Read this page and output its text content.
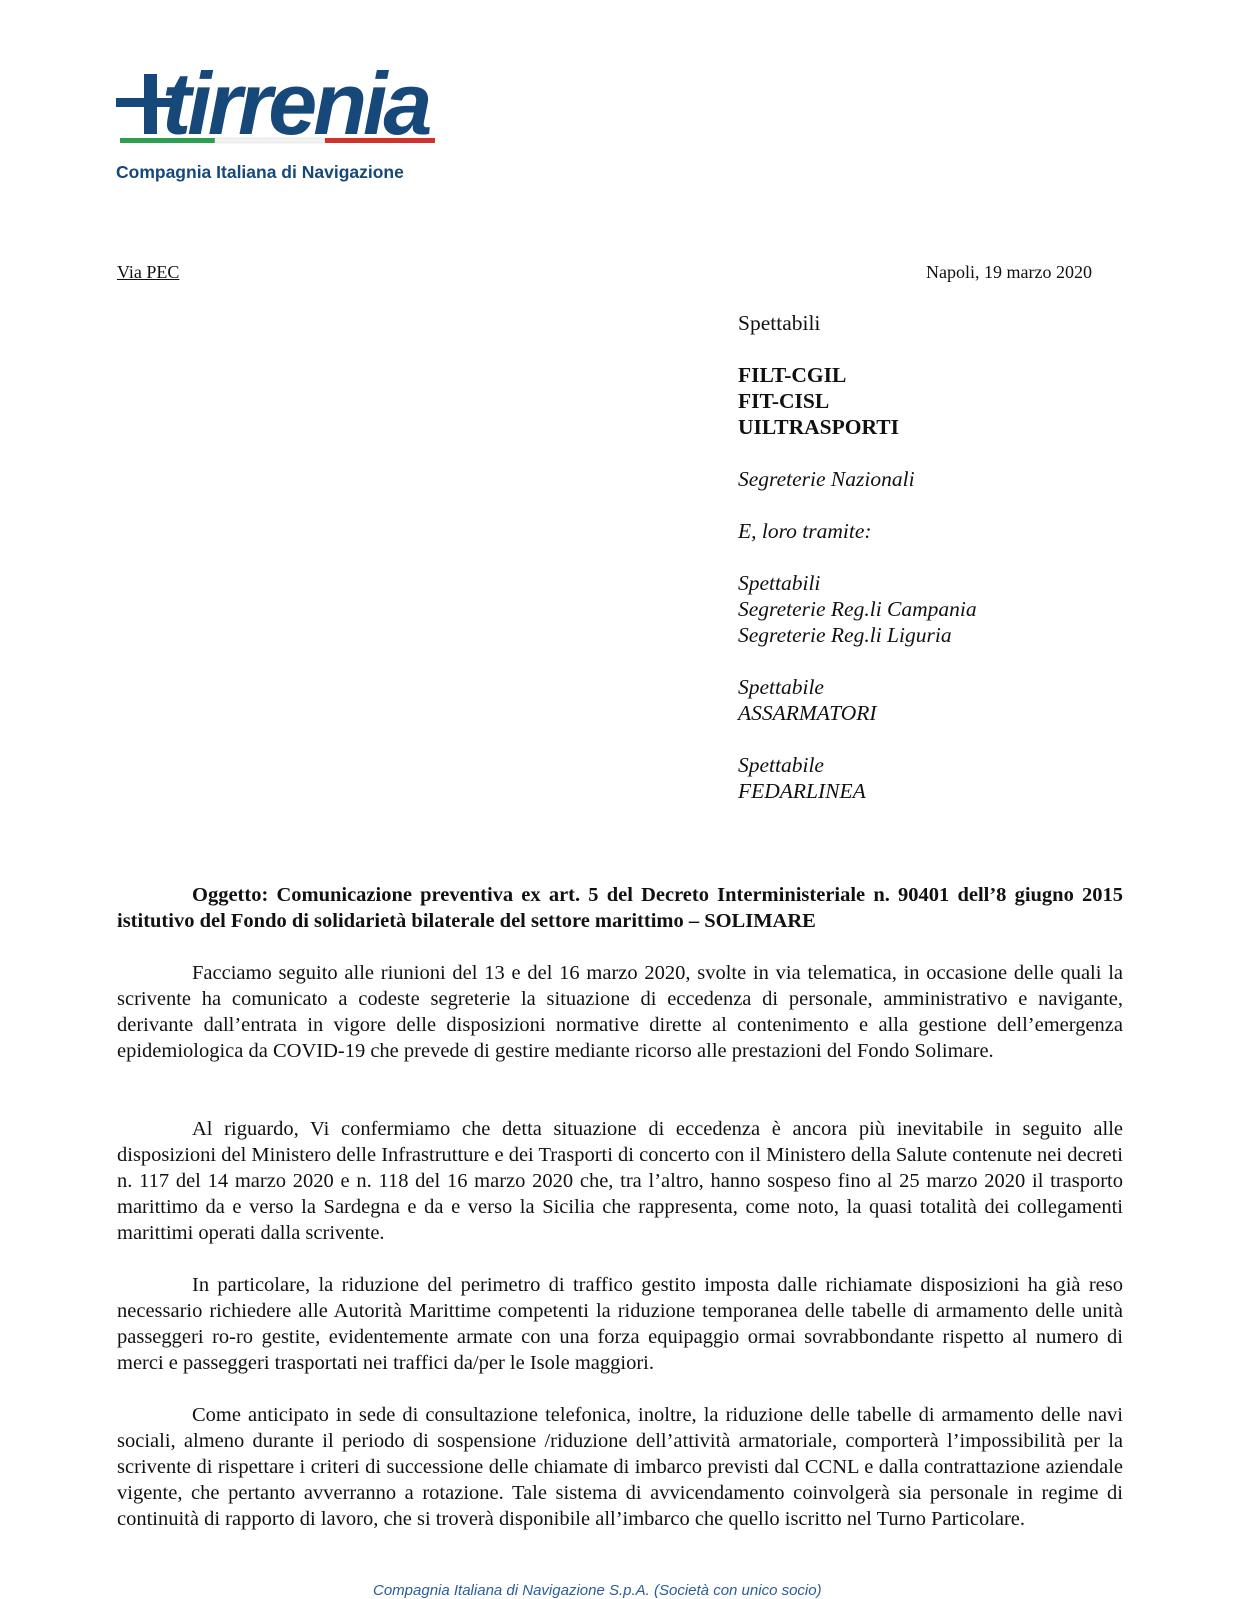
tirrenia
Compagnia Italiana di Navigazione
Via PEC	Napoli, 19 marzo 2020
Spettabili
FILT-CGIL
FIT-CISL
UILTRASPORTI
Segreterie Nazionali
E, loro tramite:
Spettabili
Segreterie Reg.li Campania
Segreterie Reg.li Liguria
Spettabile
ASSARMATORI
Spettabile
FEDARLINEA

Oggetto: Comunicazione preventiva ex art. 5 del Decreto Interministeriale n. 90401 dell’8 giugno 2015 istitutivo del Fondo di solidarietà bilaterale del settore marittimo – SOLIMARE

Facciamo seguito alle riunioni del 13 e del 16 marzo 2020, svolte in via telematica, in occasione delle quali la scrivente ha comunicato a codeste segreterie la situazione di eccedenza di personale, amministrativo e navigante, derivante dall’entrata in vigore delle disposizioni normative dirette al contenimento e alla gestione dell’emergenza epidemiologica da COVID-19 che prevede di gestire mediante ricorso alle prestazioni del Fondo Solimare.

Al riguardo, Vi confermiamo che detta situazione di eccedenza è ancora più inevitabile in seguito alle disposizioni del Ministero delle Infrastrutture e dei Trasporti di concerto con il Ministero della Salute contenute nei decreti n. 117 del 14 marzo 2020 e n. 118 del 16 marzo 2020 che, tra l’altro, hanno sospeso fino al 25 marzo 2020 il trasporto marittimo da e verso la Sardegna e da e verso la Sicilia che rappresenta, come noto, la quasi totalità dei collegamenti marittimi operati dalla scrivente.

In particolare, la riduzione del perimetro di traffico gestito imposta dalle richiamate disposizioni ha già reso necessario richiedere alle Autorità Marittime competenti la riduzione temporanea delle tabelle di armamento delle unità passeggeri ro-ro gestite, evidentemente armate con una forza equipaggio ormai sovrabbondante rispetto al numero di merci e passeggeri trasportati nei traffici da/per le Isole maggiori.

Come anticipato in sede di consultazione telefonica, inoltre, la riduzione delle tabelle di armamento delle navi sociali, almeno durante il periodo di sospensione /riduzione dell’attività armatoriale, comporterà l’impossibilità per la scrivente di rispettare i criteri di successione delle chiamate di imbarco previsti dal CCNL e dalla contrattazione aziendale vigente, che pertanto avverranno a rotazione. Tale sistema di avvicendamento coinvolgerà sia personale in regime di continuità di rapporto di lavoro, che si troverà disponibile all’imbarco che quello iscritto nel Turno Particolare.

Compagnia Italiana di Navigazione S.p.A. (Società con unico socio)
